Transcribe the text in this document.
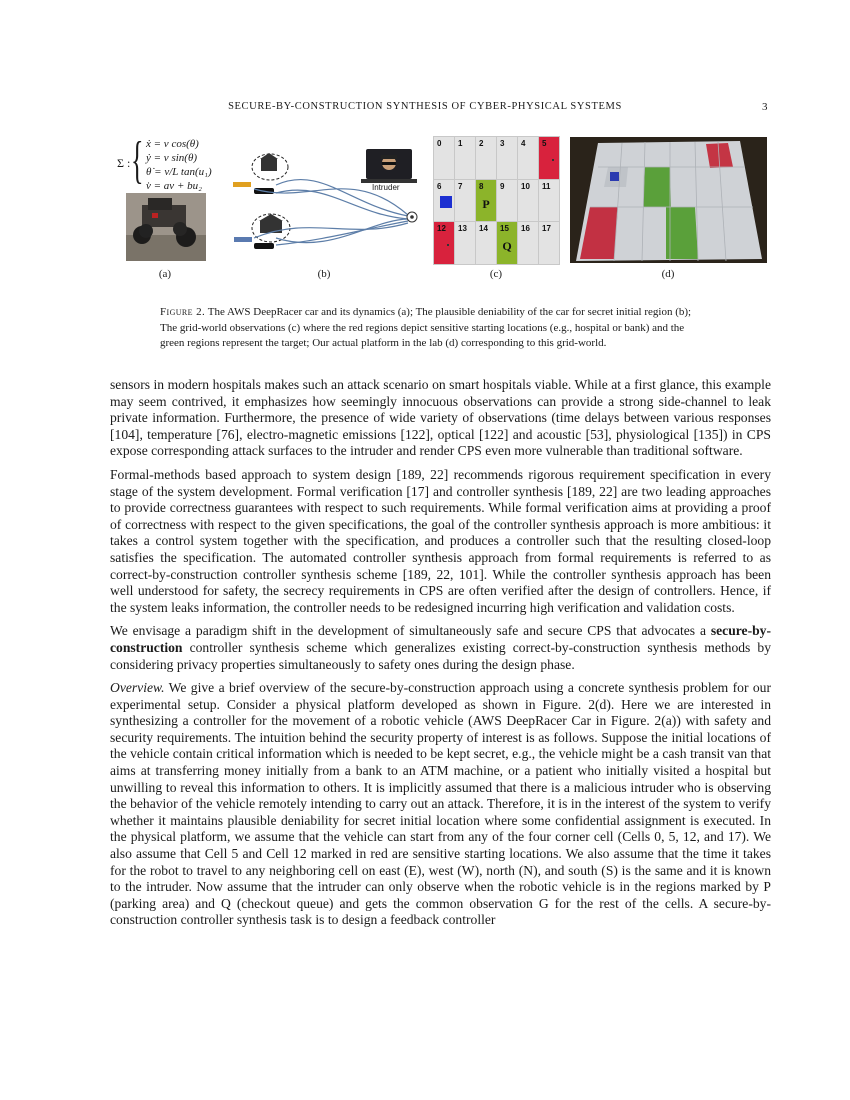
SECURE-BY-CONSTRUCTION SYNTHESIS OF CYBER-PHYSICAL SYSTEMS	3
Σ : { ẋ = v cos(θ)
ẏ = v sin(θ)
θ̇ = v/L tan(u₁)
v̇ = av + bu₂
(a)
Intruder
(b)
0 1 2 3 4 5
6 7 8
P
9 10 11
12 13 14 15
Q
16 17
(c)	(d)
Figure 2. The AWS DeepRacer car and its dynamics (a); The plausible deniability of the car for secret initial region (b); The grid-world observations (c) where the red regions depict sensitive starting locations (e.g., hospital or bank) and the green regions represent the target; Our actual platform in the lab (d) corresponding to this grid-world.

sensors in modern hospitals makes such an attack scenario on smart hospitals viable. While at a first glance, this example may seem contrived, it emphasizes how seemingly innocuous observations can provide a strong side-channel to leak private information. Furthermore, the presence of wide variety of observations (time delays between various responses [104], temperature [76], electro-magnetic emissions [122], optical [122] and acoustic [53], physiological [135]) in CPS expose corresponding attack surfaces to the intruder and render CPS even more vulnerable than traditional software.

Formal-methods based approach to system design [189, 22] recommends rigorous requirement specification in every stage of the system development. Formal verification [17] and controller synthesis [189, 22] are two leading approaches to provide correctness guarantees with respect to such requirements. While formal verification aims at providing a proof of correctness with respect to the given specifications, the goal of the controller synthesis approach is more ambitious: it takes a control system together with the specification, and produces a controller such that the resulting closed-loop satisfies the specification. The automated controller synthesis approach from formal requirements is referred to as correct-by-construction controller synthesis scheme [189, 22, 101]. While the controller synthesis approach has been well understood for safety, the secrecy requirements in CPS are often verified after the design of controllers. Hence, if the system leaks information, the controller needs to be redesigned incurring high verification and validation costs.

We envisage a paradigm shift in the development of simultaneously safe and secure CPS that advocates a secure-by-construction controller synthesis scheme which generalizes existing correct-by-construction synthesis methods by considering privacy properties simultaneously to safety ones during the design phase.

Overview. We give a brief overview of the secure-by-construction approach using a concrete synthesis problem for our experimental setup. Consider a physical platform developed as shown in Figure. 2(d). Here we are interested in synthesizing a controller for the movement of a robotic vehicle (AWS DeepRacer Car in Figure. 2(a)) with safety and security requirements. The intuition behind the security property of interest is as follows. Suppose the initial locations of the vehicle contain critical information which is needed to be kept secret, e.g., the vehicle might be a cash transit van that aims at transferring money initially from a bank to an ATM machine, or a patient who initially visited a hospital but unwilling to reveal this information to others. It is implicitly assumed that there is a malicious intruder who is observing the behavior of the vehicle remotely intending to carry out an attack. Therefore, it is in the interest of the system to verify whether it maintains plausible deniability for secret initial location where some confidential assignment is executed. In the physical platform, we assume that the vehicle can start from any of the four corner cell (Cells 0, 5, 12, and 17). We also assume that Cell 5 and Cell 12 marked in red are sensitive starting locations. We also assume that the time it takes for the robot to travel to any neighboring cell on east (E), west (W), north (N), and south (S) is the same and it is known to the intruder. Now assume that the intruder can only observe when the robotic vehicle is in the regions marked by P (parking area) and Q (checkout queue) and gets the common observation G for the rest of the cells. A secure-by-construction controller synthesis task is to design a feedback controller
